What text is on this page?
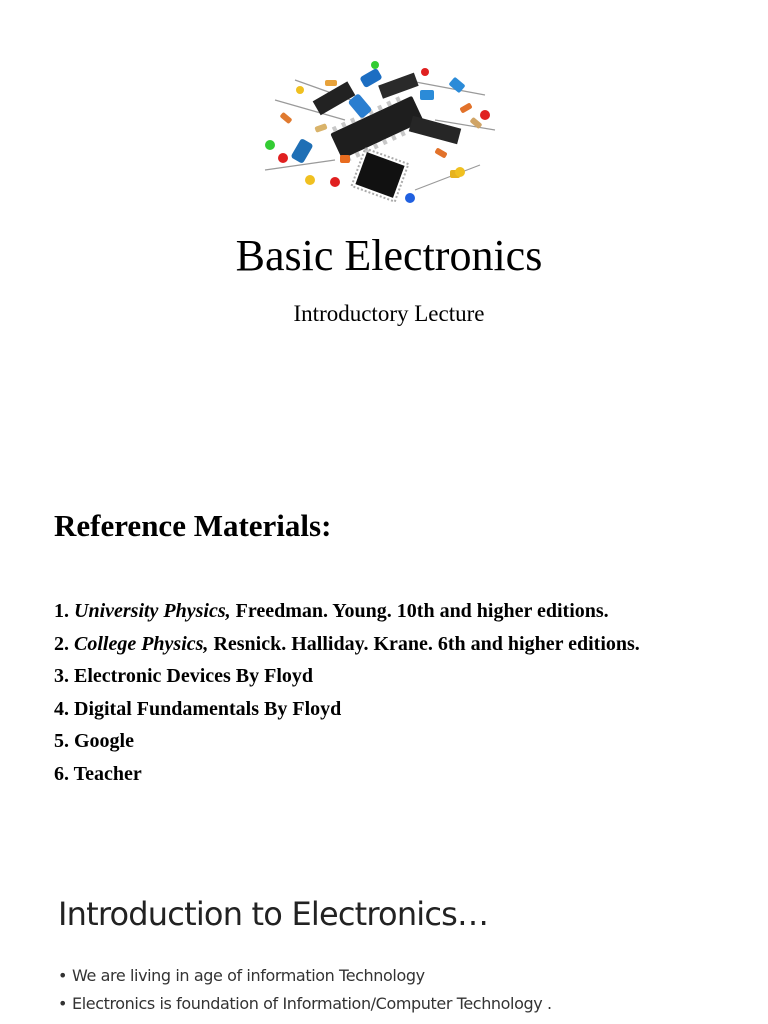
Basic Electronics
Introductory Lecture
Reference Materials:
1. University Physics, Freedman. Young. 10th and higher editions.
2. College Physics, Resnick. Halliday. Krane. 6th and higher editions.
3. Electronic Devices By Floyd
4. Digital Fundamentals By Floyd
5. Google
6. Teacher
Introduction to Electronics…
• We are living in age of information Technology
• Electronics is foundation of Information/Computer Technology .
